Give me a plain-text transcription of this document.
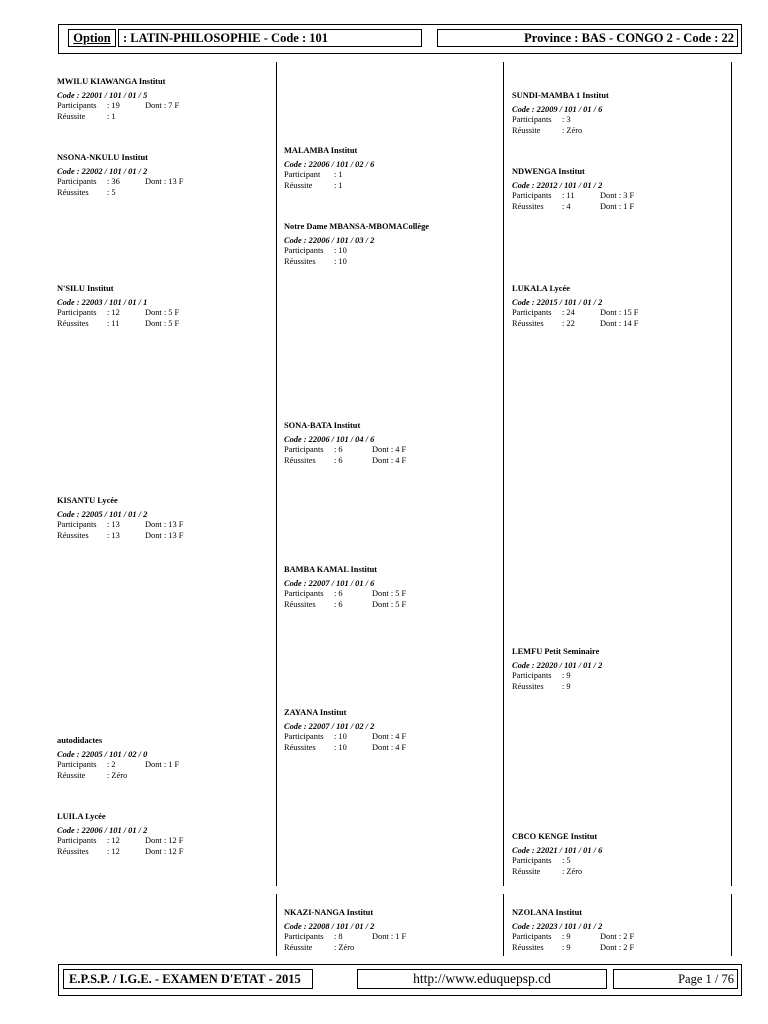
Option : LATIN-PHILOSOPHIE - Code : 101	Province : BAS - CONGO 2 - Code : 22
MWILU KIAWANGA Institut
Code : 22001 / 101 / 01 / 5
Participants : 19	Dont : 7 F
Réussite	: 1
NSONA-NKULU Institut
Code : 22002 / 101 / 01 / 2
Participants : 36	Dont : 13 F
Réussites : 5
N'SILU Institut
Code : 22003 / 101 / 01 / 1
Participants : 12	Dont : 5 F
Réussites : 11	Dont : 5 F
KISANTU Lycée
Code : 22005 / 101 / 01 / 2
Participants : 13	Dont : 13 F
Réussites : 13	Dont : 13 F
autodidactes
Code : 22005 / 101 / 02 / 0
Participants : 2	Dont : 1 F
Réussite	: Zéro
LUILA Lycée
Code : 22006 / 101 / 01 / 2
Participants : 12	Dont : 12 F
Réussites : 12	Dont : 12 F
MALAMBA Institut
Code : 22006 / 101 / 02 / 6
Participant : 1
Réussite	: 1
Notre Dame MBANSA-MBOMACollège
Code : 22006 / 101 / 03 / 2
Participants : 10
Réussites : 10
SONA-BATA Institut
Code : 22006 / 101 / 04 / 6
Participants : 6	Dont : 4 F
Réussites : 6	Dont : 4 F
BAMBA KAMAL Institut
Code : 22007 / 101 / 01 / 6
Participants : 6	Dont : 5 F
Réussites : 6	Dont : 5 F
ZAYANA Institut
Code : 22007 / 101 / 02 / 2
Participants : 10	Dont : 4 F
Réussites : 10	Dont : 4 F
NKAZI-NANGA Institut
Code : 22008 / 101 / 01 / 2
Participants : 8	Dont : 1 F
Réussite	: Zéro
SUNDI-MAMBA 1 Institut
Code : 22009 / 101 / 01 / 6
Participants : 3
Réussite	: Zéro
NDWENGA Institut
Code : 22012 / 101 / 01 / 2
Participants : 11	Dont : 3 F
Réussites : 4	Dont : 1 F
LUKALA Lycée
Code : 22015 / 101 / 01 / 2
Participants : 24	Dont : 15 F
Réussites : 22	Dont : 14 F
LEMFU Petit Seminaire
Code : 22020 / 101 / 01 / 2
Participants : 9
Réussites : 9
CBCO KENGE Institut
Code : 22021 / 101 / 01 / 6
Participants : 5
Réussite	: Zéro
NZOLANA Institut
Code : 22023 / 101 / 01 / 2
Participants : 9	Dont : 2 F
Réussites : 9	Dont : 2 F
E.P.S.P. / I.G.E. - EXAMEN D'ETAT - 2015	http://www.eduquepsp.cd	Page 1 / 76
